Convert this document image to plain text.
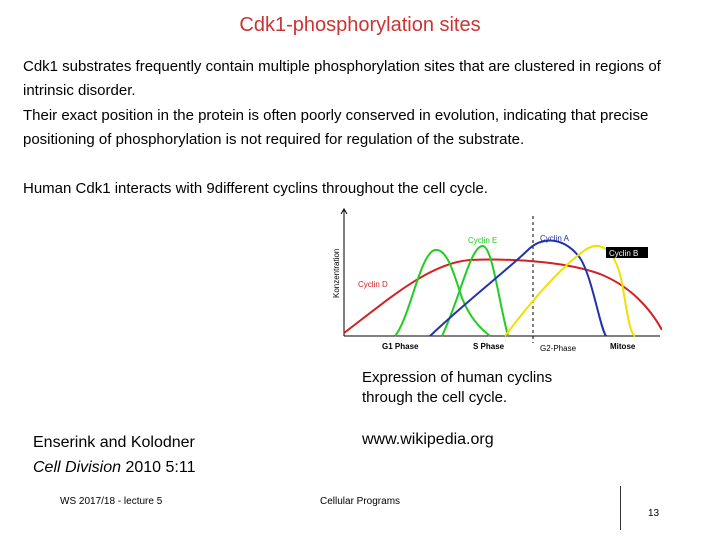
Cdk1-phosphorylation sites
Cdk1 substrates frequently contain multiple phosphorylation sites that are clustered in regions of intrinsic disorder.
Their exact position in the protein is often poorly conserved in evolution, indicating that precise positioning of phosphorylation is not required for regulation of the substrate.
Human Cdk1 interacts with 9different cyclins throughout the cell cycle.
Konzentration
Cyclin E	Cyclin A
Cyclin B
Cyclin D
G1 Phase	S Phase	G2-Phase	Mitose
Expression of human cyclins
through the cell cycle.
Enserink and Kolodner
Cell Division 2010 5:11
www.wikipedia.org
WS 2017/18 - lecture 5	Cellular Programs
13
